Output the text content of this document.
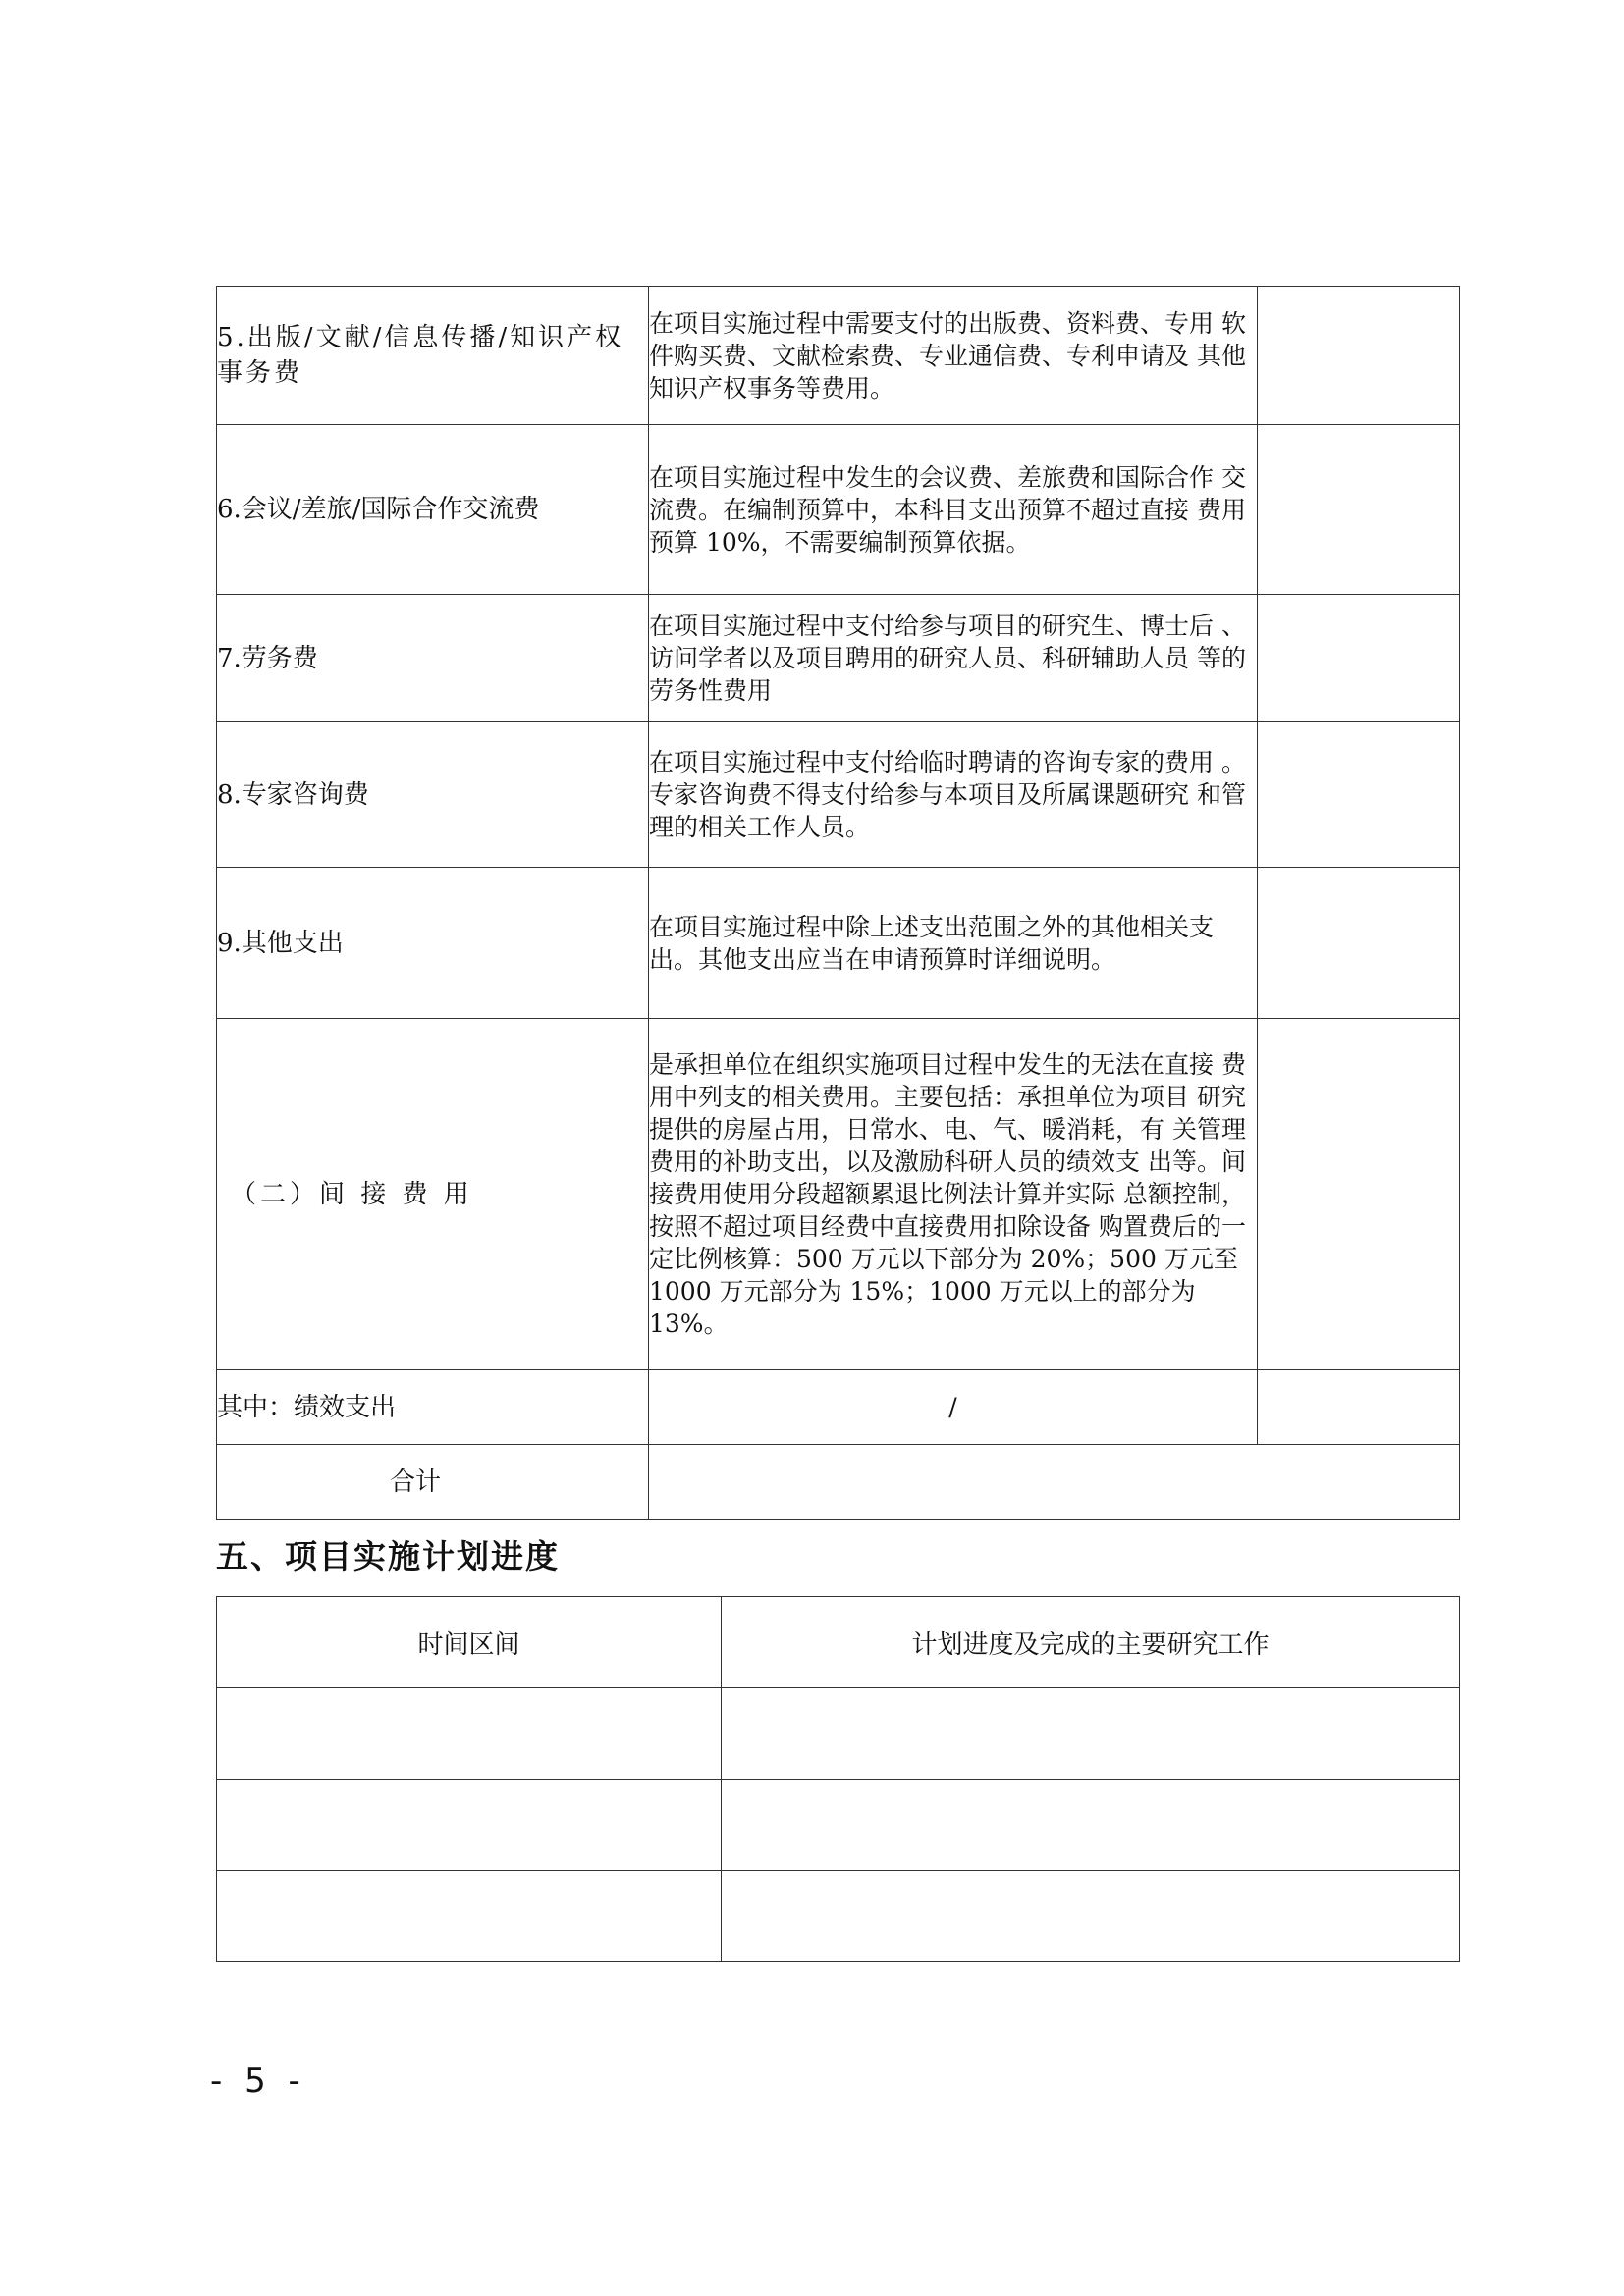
5.出版/文献/信息传播/知识产权事务费	在项目实施过程中需要支付的出版费、资料费、专用 软件购买费、文献检索费、专业通信费、专利申请及 其他知识产权事务等费用。	
6.会议/差旅/国际合作交流费	在项目实施过程中发生的会议费、差旅费和国际合作 交流费。在编制预算中，本科目支出预算不超过直接 费用预算 10%，不需要编制预算依据。	
7.劳务费	在项目实施过程中支付给参与项目的研究生、博士后 、访问学者以及项目聘用的研究人员、科研辅助人员 等的劳务性费用	
8.专家咨询费	在项目实施过程中支付给临时聘请的咨询专家的费用 。专家咨询费不得支付给参与本项目及所属课题研究 和管理的相关工作人员。	
9.其他支出	在项目实施过程中除上述支出范围之外的其他相关支 出。其他支出应当在申请预算时详细说明。	
（二）间 接 费 用	是承担单位在组织实施项目过程中发生的无法在直接 费用中列支的相关费用。主要包括：承担单位为项目 研究提供的房屋占用，日常水、电、气、暖消耗，有 关管理费用的补助支出，以及激励科研人员的绩效支 出等。间接费用使用分段超额累退比例法计算并实际 总额控制，按照不超过项目经费中直接费用扣除设备 购置费后的一定比例核算：500 万元以下部分为 20%；500 万元至 1000 万元部分为 15%；1000 万元以上的部分为 13%。	
其中：绩效支出	/	
合计		
五、项目实施计划进度
时间区间	计划进度及完成的主要研究工作

- 5 -
